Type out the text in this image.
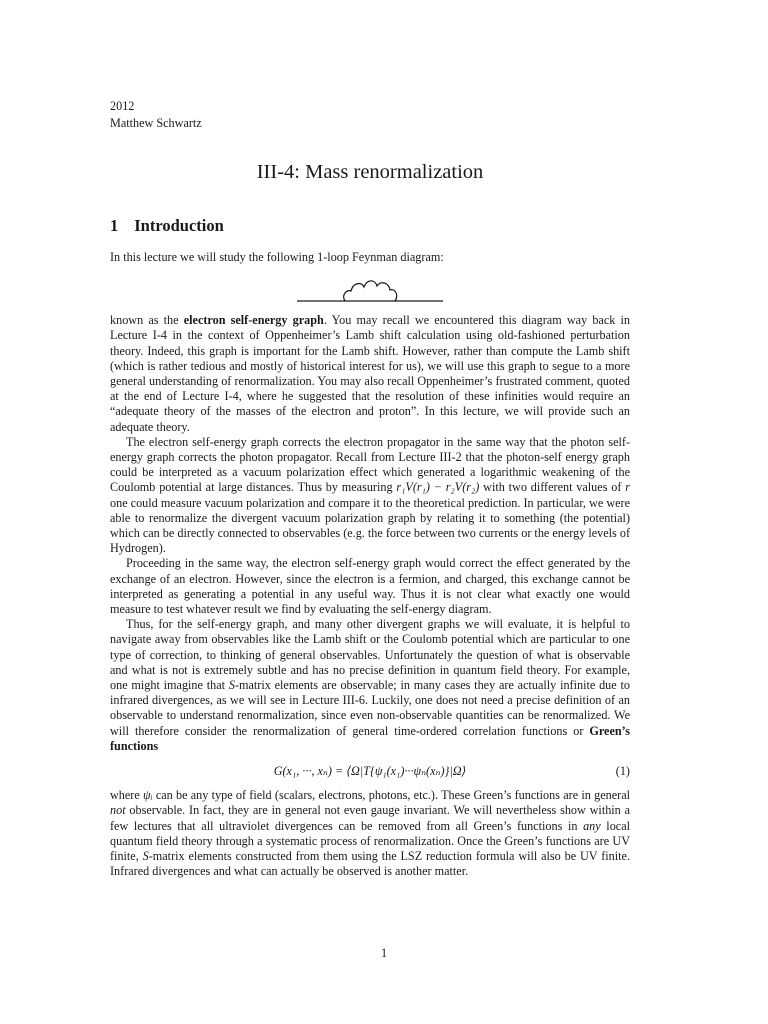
2012
Matthew Schwartz
III-4: Mass renormalization
1 Introduction

In this lecture we will study the following 1-loop Feynman diagram:

known as the electron self-energy graph. You may recall we encountered this diagram way back in Lecture I-4 in the context of Oppenheimer’s Lamb shift calculation using old-fashioned perturbation theory. Indeed, this graph is important for the Lamb shift. However, rather than compute the Lamb shift (which is rather tedious and mostly of historical interest for us), we will use this graph to segue to a more general understanding of renormalization. You may also recall Oppenheimer’s frustrated comment, quoted at the end of Lecture I-4, where he suggested that the resolution of these infinities would require an “adequate theory of the masses of the electron and proton”. In this lecture, we will provide such an adequate theory.

The electron self-energy graph corrects the electron propagator in the same way that the photon self-energy graph corrects the photon propagator. Recall from Lecture III-2 that the photon-self energy graph could be interpreted as a vacuum polarization effect which generated a logarithmic weakening of the Coulomb potential at large distances. Thus by measuring r₁V(r₁) − r₂V(r₂) with two different values of r one could measure vacuum polarization and compare it to the theoretical prediction. In particular, we were able to renormalize the divergent vacuum polarization graph by relating it to something (the potential) which can be directly connected to observables (e.g. the force between two currents or the energy levels of Hydrogen).

Proceeding in the same way, the electron self-energy graph would correct the effect generated by the exchange of an electron. However, since the electron is a fermion, and charged, this exchange cannot be interpreted as generating a potential in any useful way. Thus it is not clear what exactly one would measure to test whatever result we find by evaluating the self-energy diagram.

Thus, for the self-energy graph, and many other divergent graphs we will evaluate, it is helpful to navigate away from observables like the Lamb shift or the Coulomb potential which are particular to one type of correction, to thinking of general observables. Unfortunately the question of what is observable and what is not is extremely subtle and has no precise definition in quantum field theory. For example, one might imagine that S-matrix elements are observable; in many cases they are actually infinite due to infrared divergences, as we will see in Lecture III-6. Luckily, one does not need a precise definition of an observable to understand renormalization, since even non-observable quantities can be renormalized. We will therefore consider the renormalization of general time-ordered correlation functions or Green’s functions

G(x₁, ···, xₙ) = ⟨Ω|T{ψ₁(x₁)···ψₙ(xₙ)}|Ω⟩	(1)

where ψᵢ can be any type of field (scalars, electrons, photons, etc.). These Green’s functions are in general not observable. In fact, they are in general not even gauge invariant. We will nevertheless show within a few lectures that all ultraviolet divergences can be removed from all Green’s functions in any local quantum field theory through a systematic process of renormalization. Once the Green’s functions are UV finite, S-matrix elements constructed from them using the LSZ reduction formula will also be UV finite. Infrared divergences and what can actually be observed is another matter.

1
